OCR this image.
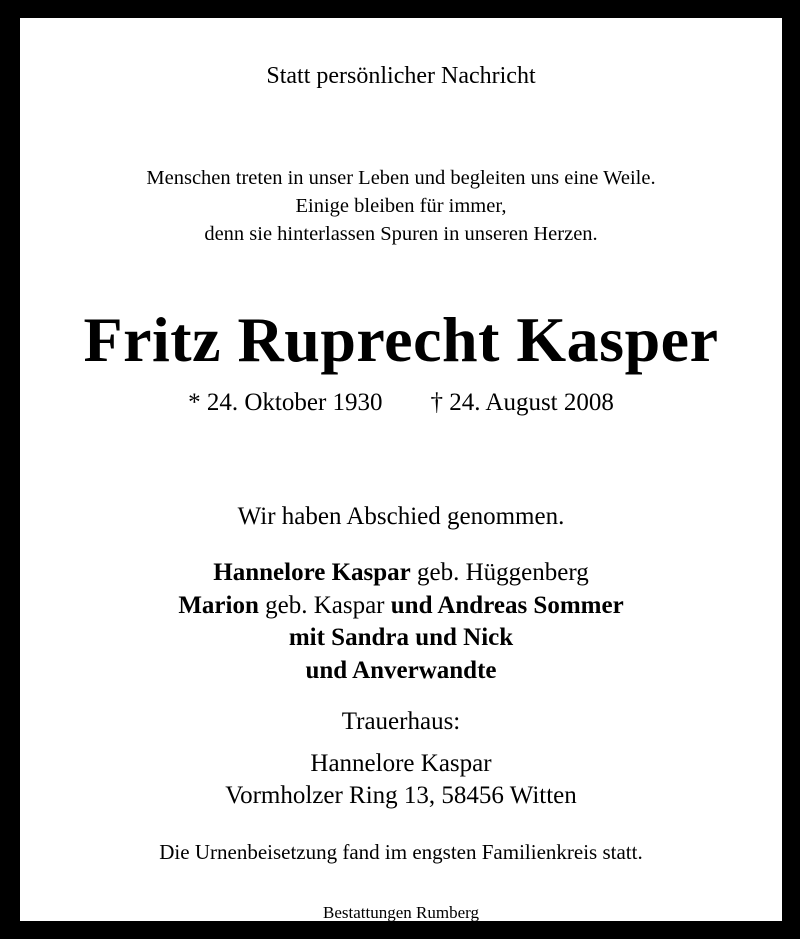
Statt persönlicher Nachricht
Menschen treten in unser Leben und begleiten uns eine Weile.
Einige bleiben für immer,
denn sie hinterlassen Spuren in unseren Herzen.
Fritz Ruprecht Kasper
* 24. Oktober 1930 † 24. August 2008
Wir haben Abschied genommen.
Hannelore Kaspar geb. Hüggenberg
Marion geb. Kaspar und Andreas Sommer
mit Sandra und Nick
und Anverwandte
Trauerhaus:
Hannelore Kaspar
Vormholzer Ring 13, 58456 Witten
Die Urnenbeisetzung fand im engsten Familienkreis statt.
Bestattungen Rumberg
